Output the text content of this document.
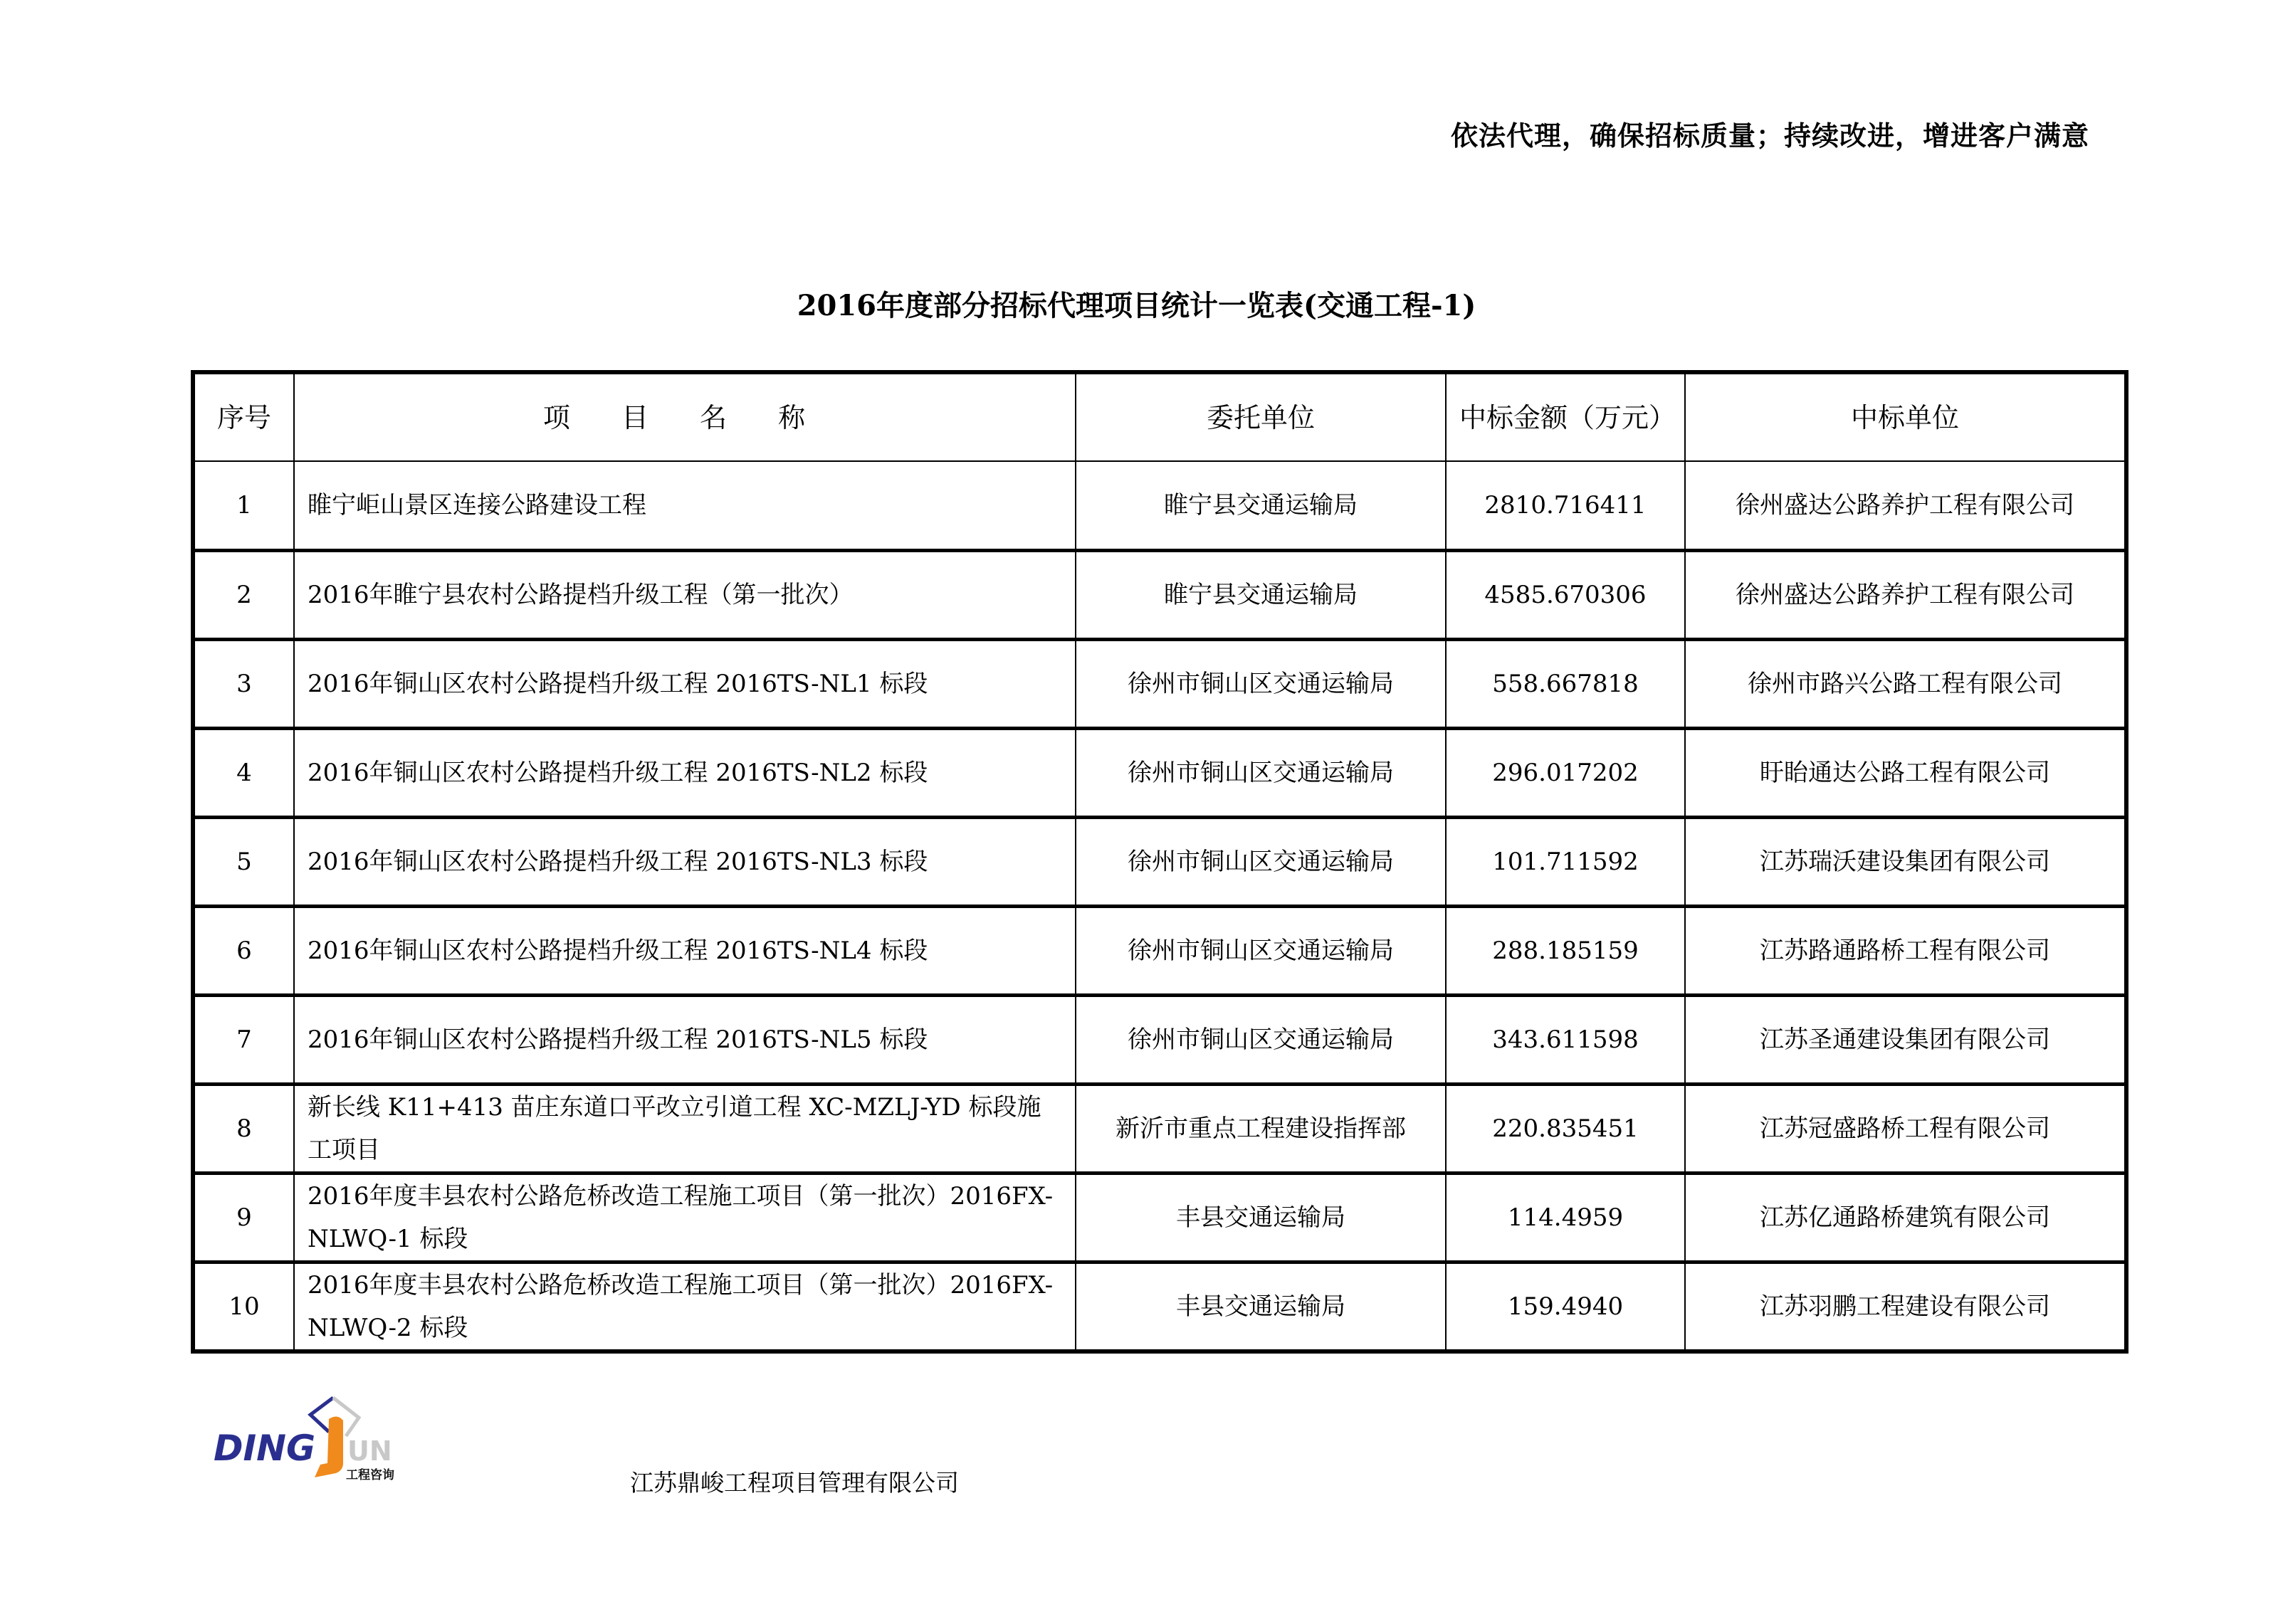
依法代理，确保招标质量；持续改进，增进客户满意
2016年度部分招标代理项目统计一览表(交通工程-1)
序号	项 目 名 称	委托单位	中标金额（万元）	中标单位
1	睢宁岠山景区连接公路建设工程	睢宁县交通运输局	2810.716411	徐州盛达公路养护工程有限公司
2	2016年睢宁县农村公路提档升级工程（第一批次）	睢宁县交通运输局	4585.670306	徐州盛达公路养护工程有限公司
3	2016年铜山区农村公路提档升级工程 2016TS-NL1 标段	徐州市铜山区交通运输局	558.667818	徐州市路兴公路工程有限公司
4	2016年铜山区农村公路提档升级工程 2016TS-NL2 标段	徐州市铜山区交通运输局	296.017202	盱眙通达公路工程有限公司
5	2016年铜山区农村公路提档升级工程 2016TS-NL3 标段	徐州市铜山区交通运输局	101.711592	江苏瑞沃建设集团有限公司
6	2016年铜山区农村公路提档升级工程 2016TS-NL4 标段	徐州市铜山区交通运输局	288.185159	江苏路通路桥工程有限公司
7	2016年铜山区农村公路提档升级工程 2016TS-NL5 标段	徐州市铜山区交通运输局	343.611598	江苏圣通建设集团有限公司
8	新长线 K11+413 苗庄东道口平改立引道工程 XC-MZLJ-YD 标段施工项目	新沂市重点工程建设指挥部	220.835451	江苏冠盛路桥工程有限公司
9	2016年度丰县农村公路危桥改造工程施工项目（第一批次）2016FX-NLWQ-1 标段	丰县交通运输局	114.4959	江苏亿通路桥建筑有限公司
10	2016年度丰县农村公路危桥改造工程施工项目（第一批次）2016FX-NLWQ-2 标段	丰县交通运输局	159.4940	江苏羽鹏工程建设有限公司
DING UN
工程咨询	江苏鼎峻工程项目管理有限公司
